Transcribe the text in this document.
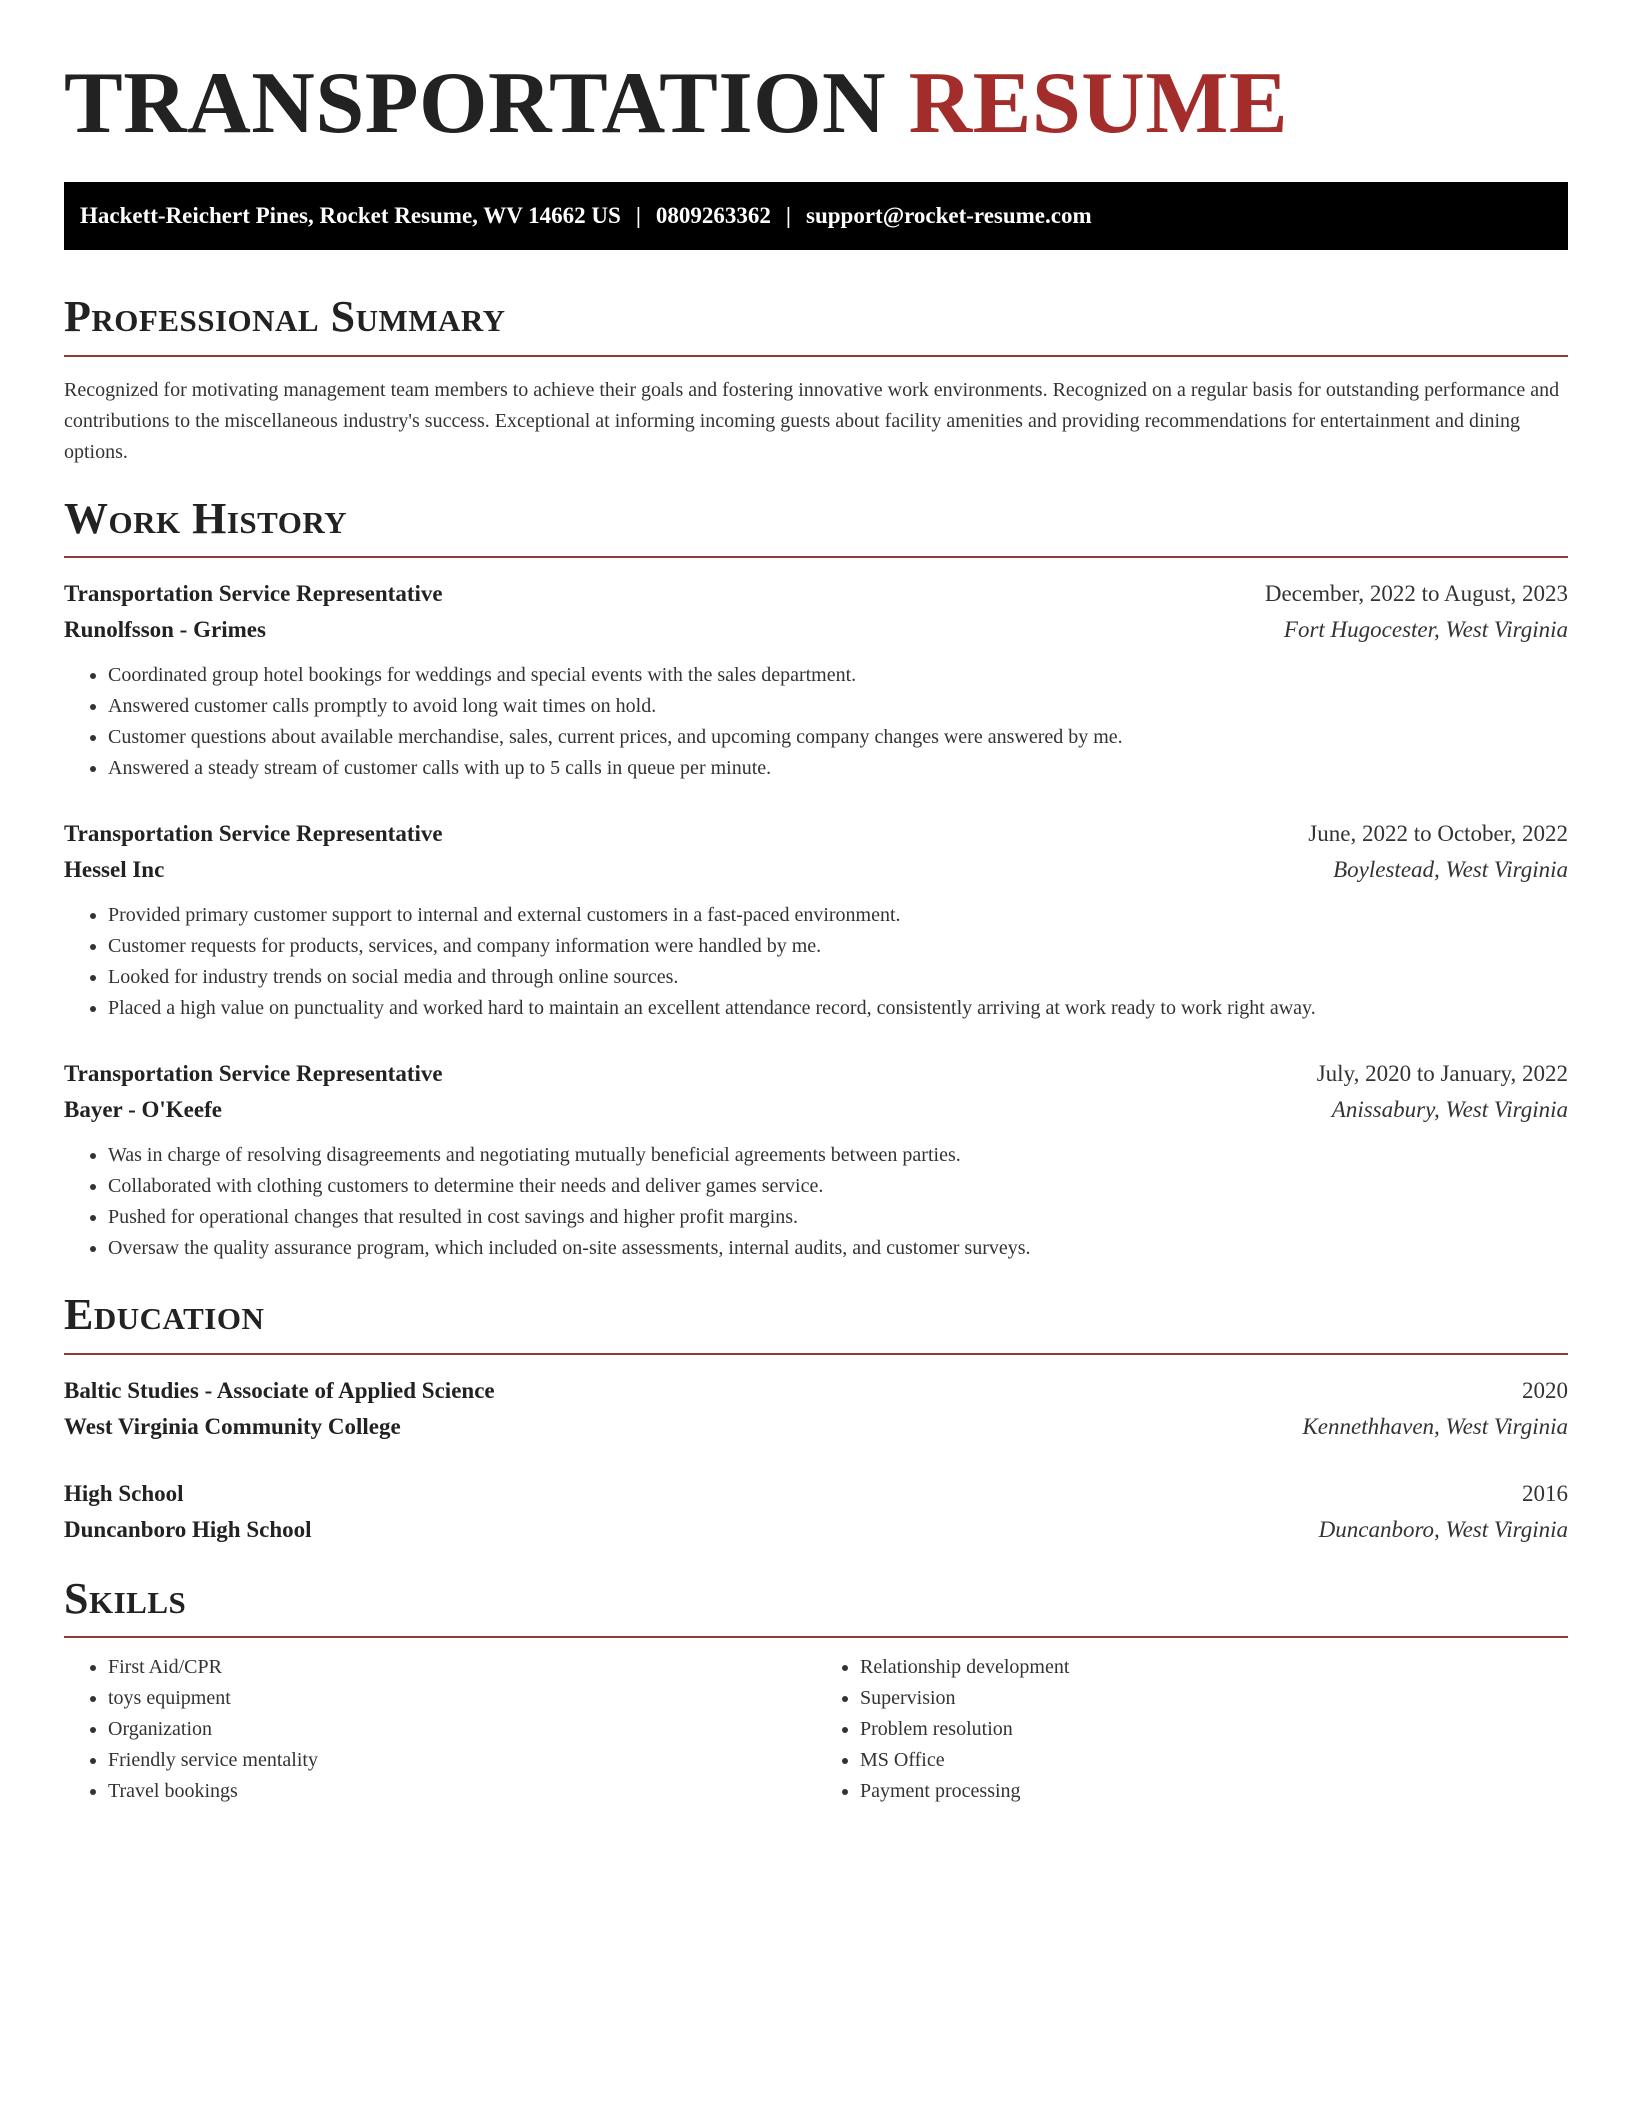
TRANSPORTATION RESUME
Hackett-Reichert Pines, Rocket Resume, WV 14662 US | 0809263362 | support@rocket-resume.com
Professional Summary

Recognized for motivating management team members to achieve their goals and fostering innovative work environments. Recognized on a regular basis for outstanding performance and contributions to the miscellaneous industry's success. Exceptional at informing incoming guests about facility amenities and providing recommendations for entertainment and dining options.

Work History
Transportation Service Representative	December, 2022 to August, 2023
Runolfsson - Grimes	Fort Hugocester, West Virginia
• Coordinated group hotel bookings for weddings and special events with the sales department.
• Answered customer calls promptly to avoid long wait times on hold.
• Customer questions about available merchandise, sales, current prices, and upcoming company changes were answered by me.
• Answered a steady stream of customer calls with up to 5 calls in queue per minute.
Transportation Service Representative	June, 2022 to October, 2022
Hessel Inc	Boylestead, West Virginia
• Provided primary customer support to internal and external customers in a fast-paced environment.
• Customer requests for products, services, and company information were handled by me.
• Looked for industry trends on social media and through online sources.
• Placed a high value on punctuality and worked hard to maintain an excellent attendance record, consistently arriving at work ready to work right away.
Transportation Service Representative	July, 2020 to January, 2022
Bayer - O'Keefe	Anissabury, West Virginia
• Was in charge of resolving disagreements and negotiating mutually beneficial agreements between parties.
• Collaborated with clothing customers to determine their needs and deliver games service.
• Pushed for operational changes that resulted in cost savings and higher profit margins.
• Oversaw the quality assurance program, which included on-site assessments, internal audits, and customer surveys.
Education
Baltic Studies - Associate of Applied Science	2020
West Virginia Community College	Kennethhaven, West Virginia
High School	2016
Duncanboro High School	Duncanboro, West Virginia
Skills
• First Aid/CPR
• toys equipment
• Organization
• Friendly service mentality
• Travel bookings
• Relationship development
• Supervision
• Problem resolution
• MS Office
• Payment processing
